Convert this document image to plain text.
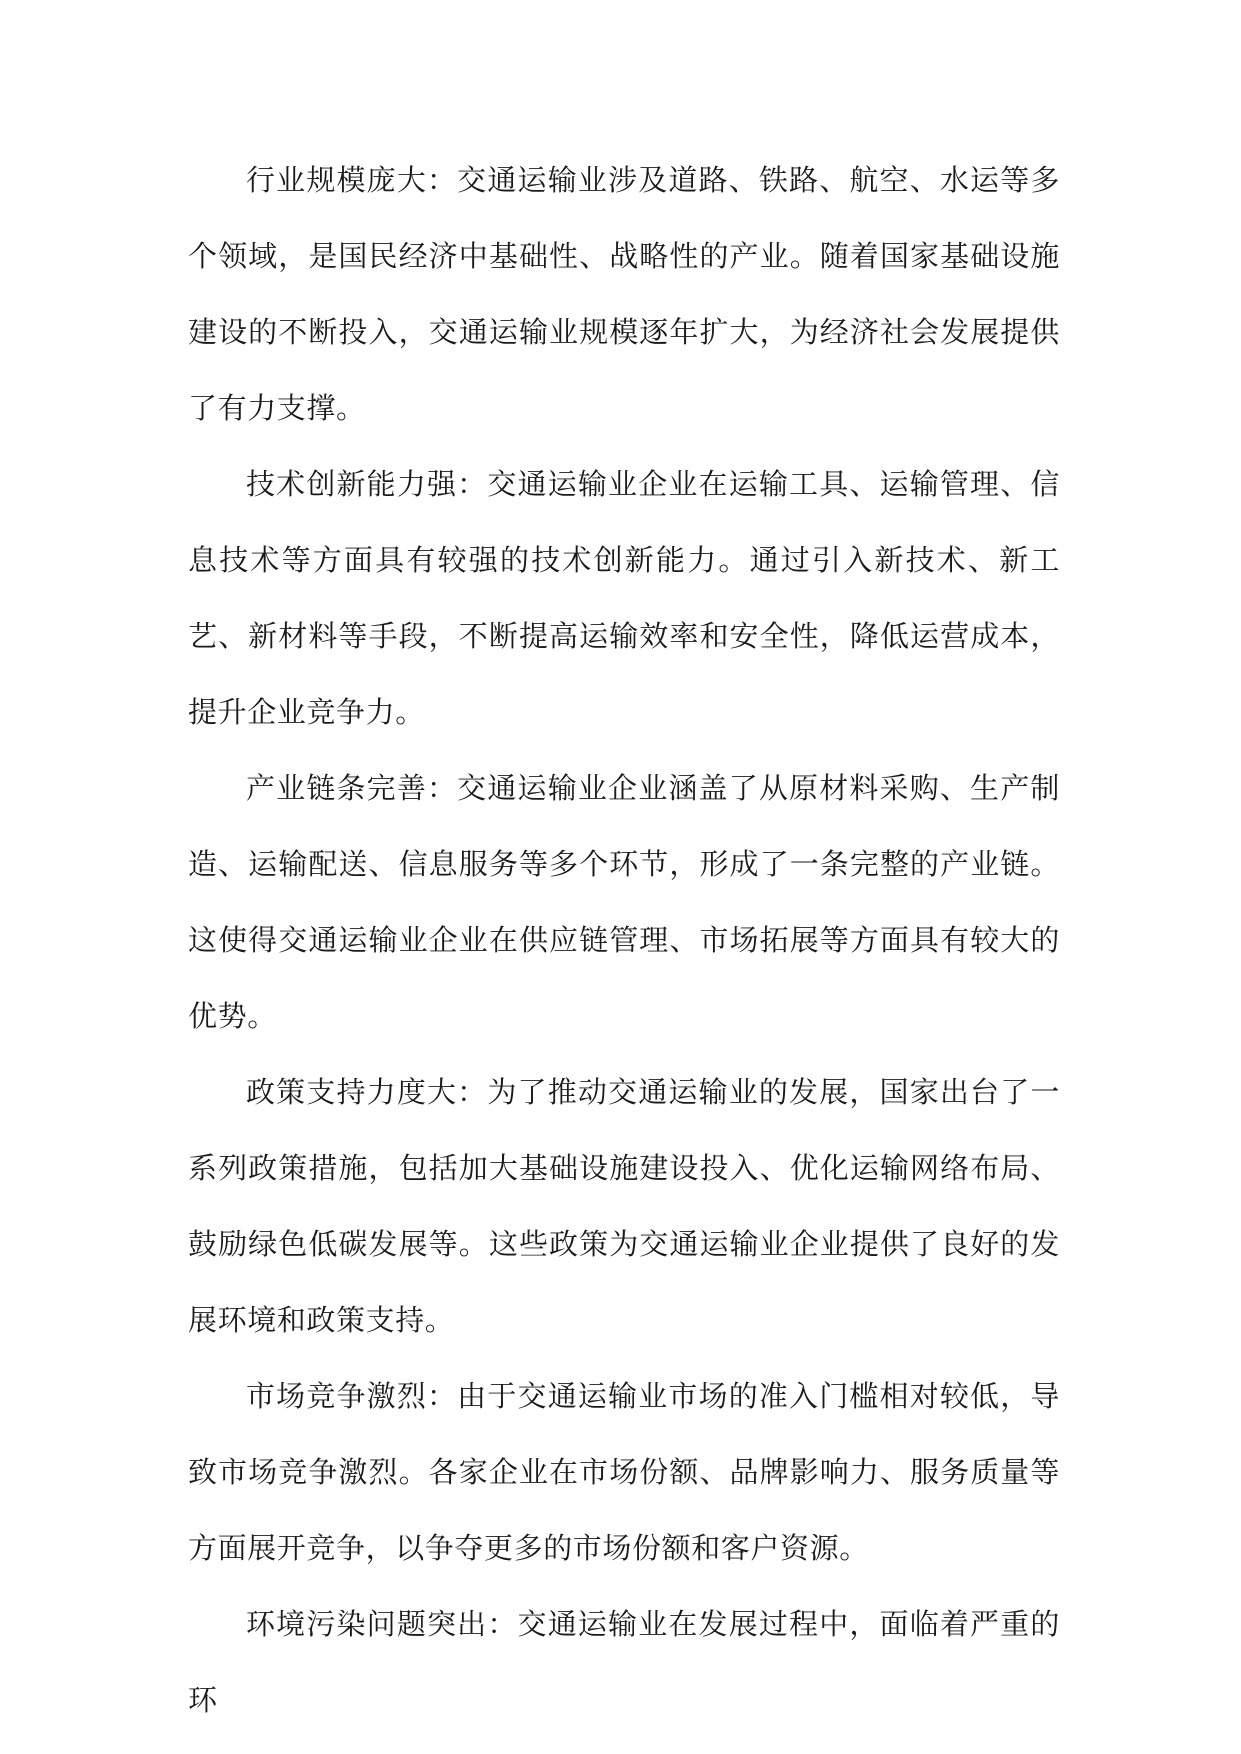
行业规模庞大：交通运输业涉及道路、铁路、航空、水运等多个领域，是国民经济中基础性、战略性的产业。随着国家基础设施建设的不断投入，交通运输业规模逐年扩大，为经济社会发展提供了有力支撑。

技术创新能力强：交通运输业企业在运输工具、运输管理、信息技术等方面具有较强的技术创新能力。通过引入新技术、新工艺、新材料等手段，不断提高运输效率和安全性，降低运营成本，提升企业竞争力。

产业链条完善：交通运输业企业涵盖了从原材料采购、生产制造、运输配送、信息服务等多个环节，形成了一条完整的产业链。这使得交通运输业企业在供应链管理、市场拓展等方面具有较大的优势。

政策支持力度大：为了推动交通运输业的发展，国家出台了一系列政策措施，包括加大基础设施建设投入、优化运输网络布局、鼓励绿色低碳发展等。这些政策为交通运输业企业提供了良好的发展环境和政策支持。

市场竞争激烈：由于交通运输业市场的准入门槛相对较低，导致市场竞争激烈。各家企业在市场份额、品牌影响力、服务质量等方面展开竞争，以争夺更多的市场份额和客户资源。

环境污染问题突出：交通运输业在发展过程中，面临着严重的环
